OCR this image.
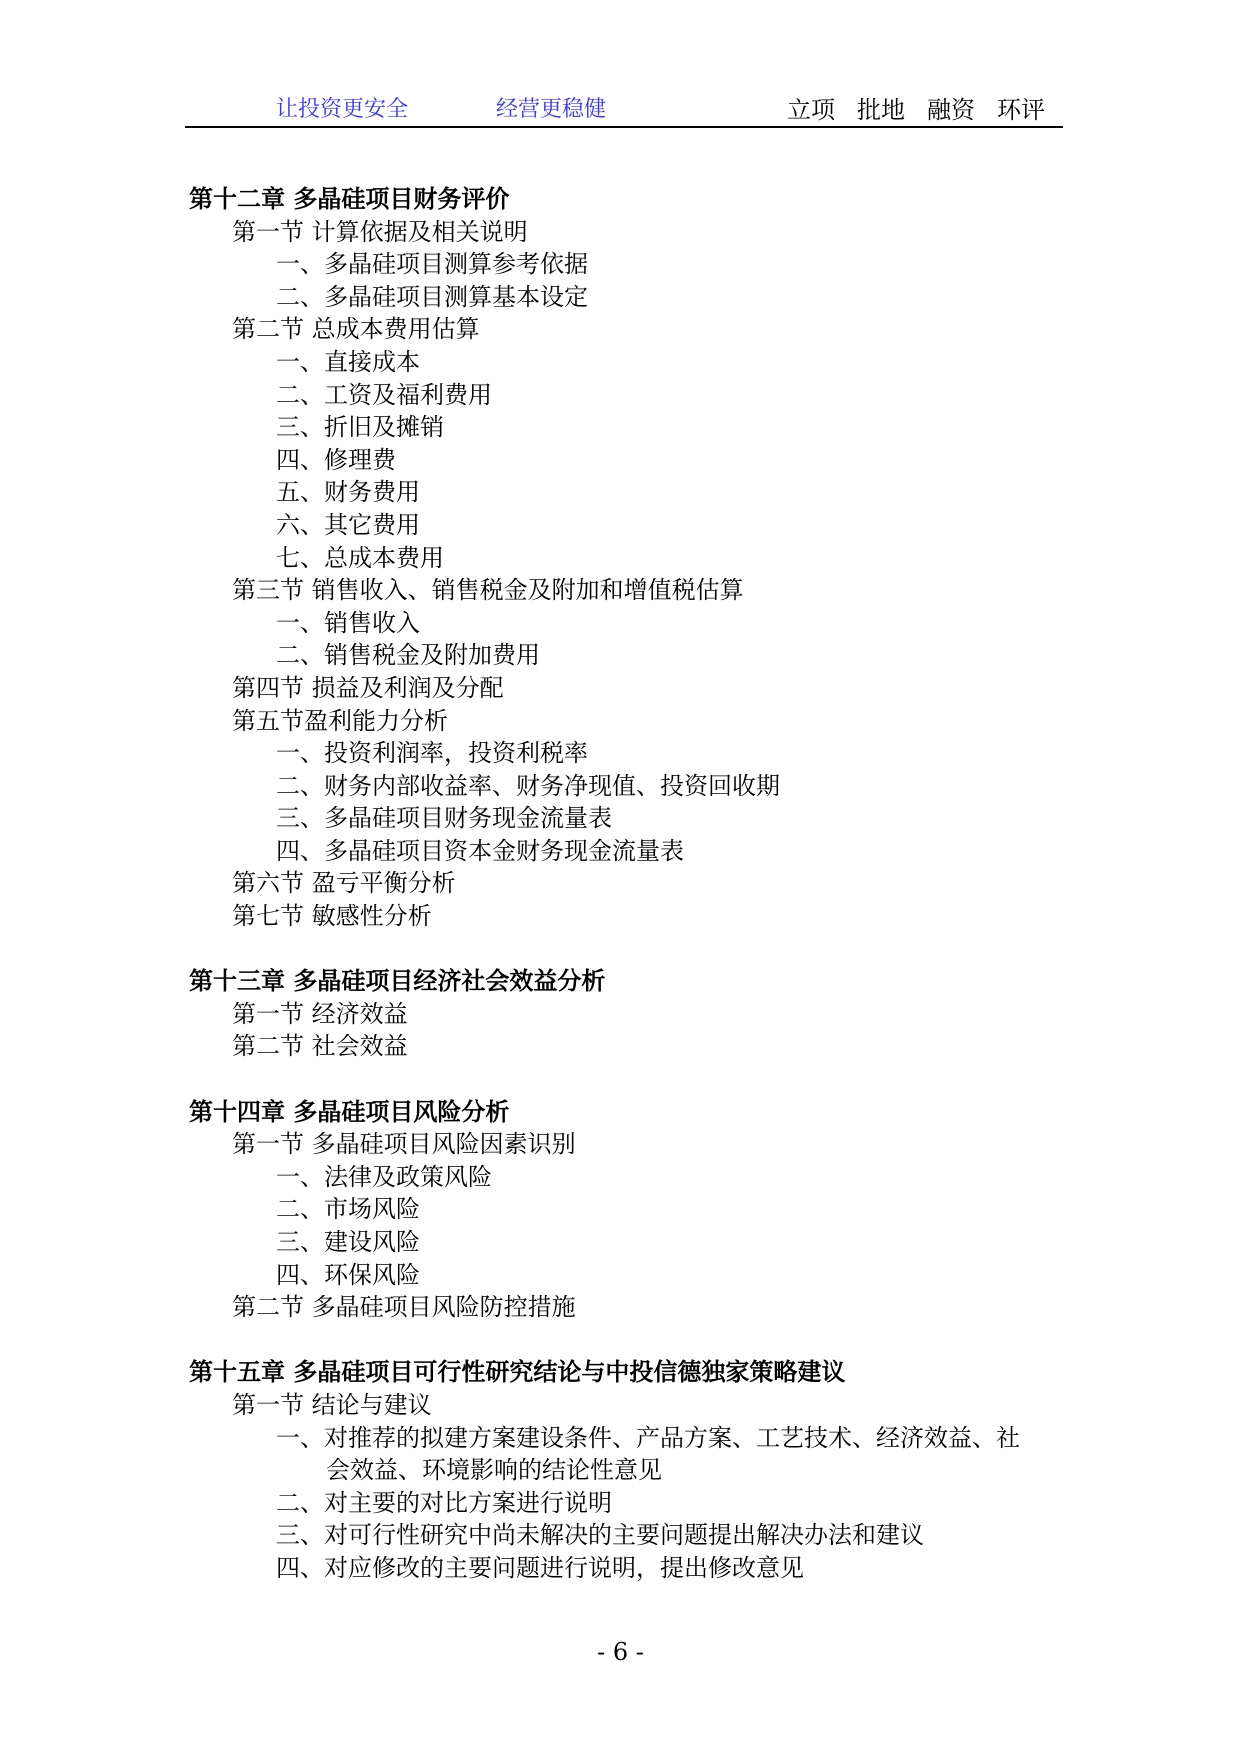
让投资更安全	经营更稳健	立项 批地 融资 环评
第十二章 多晶硅项目财务评价
第一节 计算依据及相关说明
一、多晶硅项目测算参考依据
二、多晶硅项目测算基本设定
第二节 总成本费用估算
一、直接成本
二、工资及福利费用
三、折旧及摊销
四、修理费
五、财务费用
六、其它费用
七、总成本费用
第三节 销售收入、销售税金及附加和增值税估算
一、销售收入
二、销售税金及附加费用
第四节 损益及利润及分配
第五节盈利能力分析
一、投资利润率，投资利税率
二、财务内部收益率、财务净现值、投资回收期
三、多晶硅项目财务现金流量表
四、多晶硅项目资本金财务现金流量表
第六节 盈亏平衡分析
第七节 敏感性分析
第十三章 多晶硅项目经济社会效益分析
第一节 经济效益
第二节 社会效益
第十四章 多晶硅项目风险分析
第一节 多晶硅项目风险因素识别
一、法律及政策风险
二、市场风险
三、建设风险
四、环保风险
第二节 多晶硅项目风险防控措施
第十五章 多晶硅项目可行性研究结论与中投信德独家策略建议
第一节 结论与建议
一、对推荐的拟建方案建设条件、产品方案、工艺技术、经济效益、社
会效益、环境影响的结论性意见
二、对主要的对比方案进行说明
三、对可行性研究中尚未解决的主要问题提出解决办法和建议
四、对应修改的主要问题进行说明，提出修改意见
- 6 -
